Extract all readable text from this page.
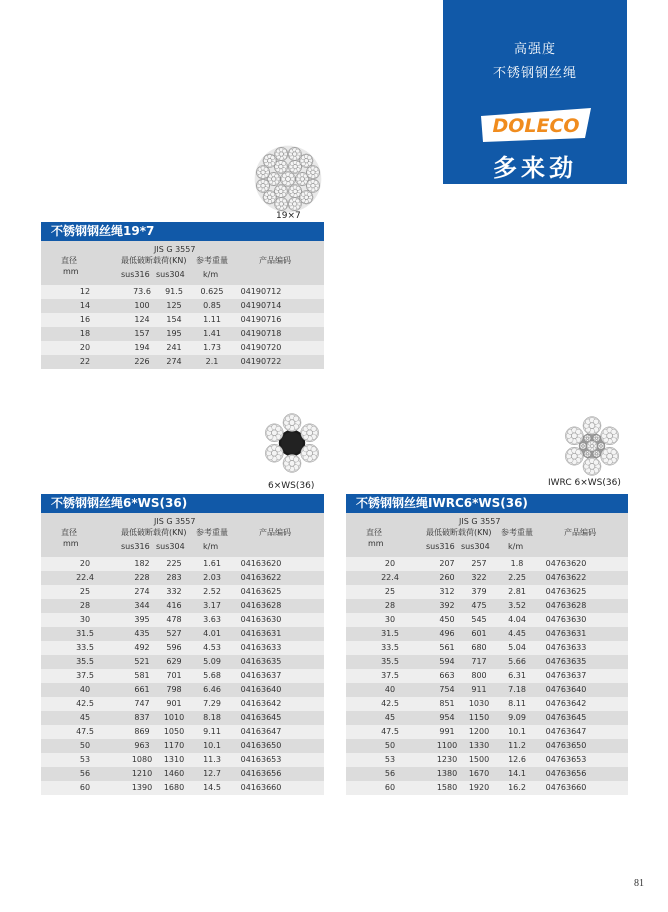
高强度
不锈钢钢丝绳
DOLECO
多来劲
19×7
6×WS(36)	IWRC 6×WS(36)
不锈钢钢丝绳19*7
JIS G 3557
直径
mm
最低破断载荷(KN)
sus316 sus304
参考重量
k/m
产品编码
12	73.6	91.5	0.625	04190712
14	100	125	0.85	04190714
16	124	154	1.11	04190716
18	157	195	1.41	04190718
20	194	241	1.73	04190720
22	226	274	2.1	04190722
不锈钢钢丝绳6*WS(36)
JIS G 3557
直径
mm
最低破断载荷(KN)
sus316 sus304
参考重量
k/m
产品编码
20	182	225	1.61	04163620
22.4	228	283	2.03	04163622
25	274	332	2.52	04163625
28	344	416	3.17	04163628
30	395	478	3.63	04163630
31.5	435	527	4.01	04163631
33.5	492	596	4.53	04163633
35.5	521	629	5.09	04163635
37.5	581	701	5.68	04163637
40	661	798	6.46	04163640
42.5	747	901	7.29	04163642
45	837	1010	8.18	04163645
47.5	869	1050	9.11	04163647
50	963	1170	10.1	04163650
53	1080	1310	11.3	04163653
56	1210	1460	12.7	04163656
60	1390	1680	14.5	04163660
不锈钢钢丝绳IWRC6*WS(36)
JIS G 3557
直径
mm
最低破断载荷(KN)
sus316 sus304
参考重量
k/m
产品编码
20	207	257	1.8	04763620
22.4	260	322	2.25	04763622
25	312	379	2.81	04763625
28	392	475	3.52	04763628
30	450	545	4.04	04763630
31.5	496	601	4.45	04763631
33.5	561	680	5.04	04763633
35.5	594	717	5.66	04763635
37.5	663	800	6.31	04763637
40	754	911	7.18	04763640
42.5	851	1030	8.11	04763642
45	954	1150	9.09	04763645
47.5	991	1200	10.1	04763647
50	1100	1330	11.2	04763650
53	1230	1500	12.6	04763653
56	1380	1670	14.1	04763656
60	1580	1920	16.2	04763660
81
